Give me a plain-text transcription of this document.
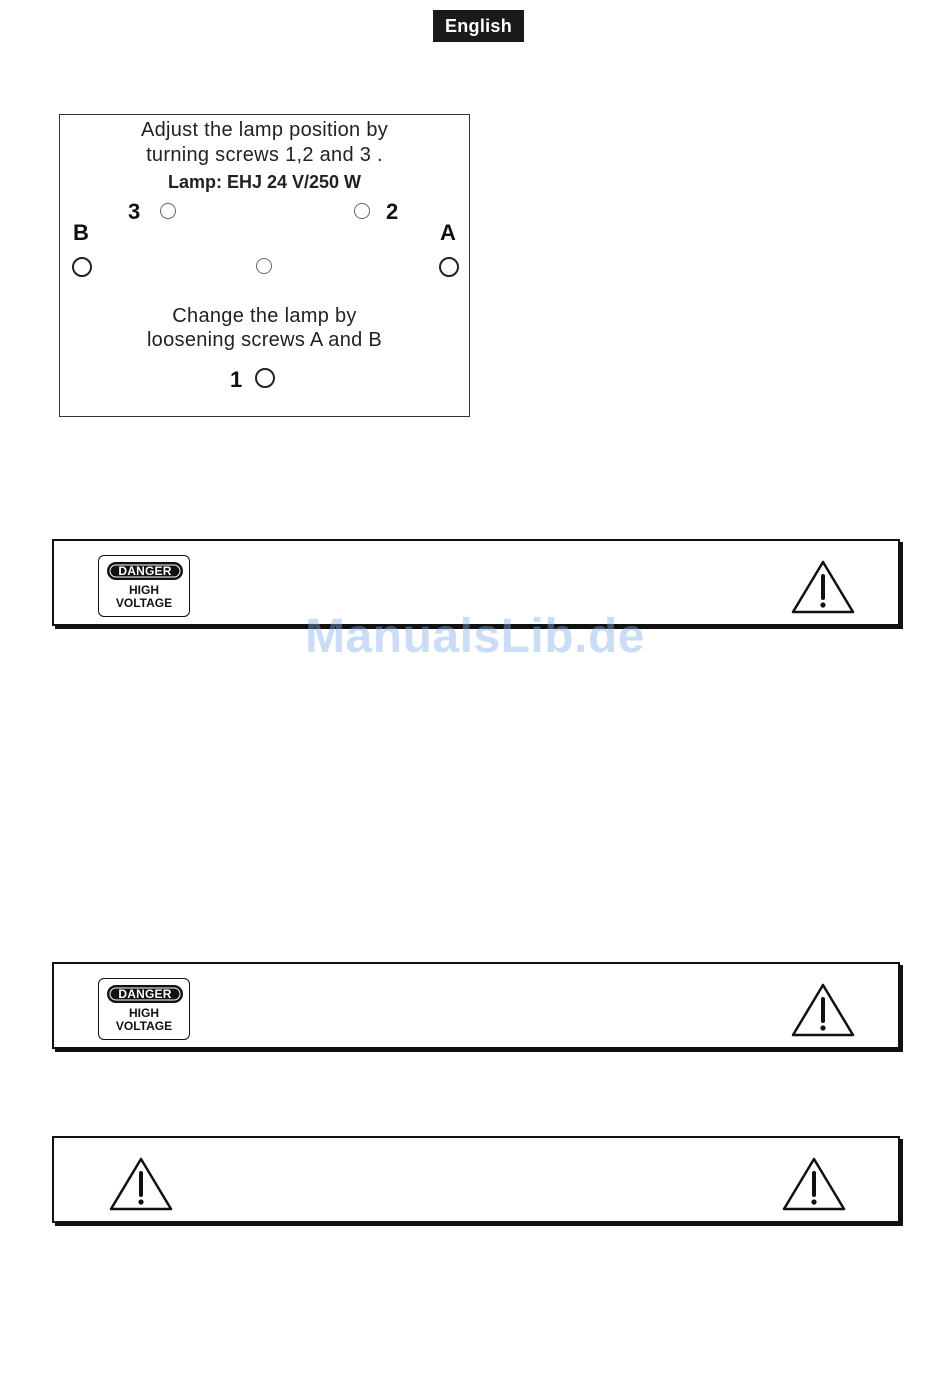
English
Adjust the lamp position by
turning screws 1,2 and 3 .
Lamp: EHJ 24 V/250 W
3	2
B	A
Change the lamp by
loosening screws A and B
1
DANGER
HIGH
VOLTAGE
ManualsLib.de
DANGER
HIGH
VOLTAGE
